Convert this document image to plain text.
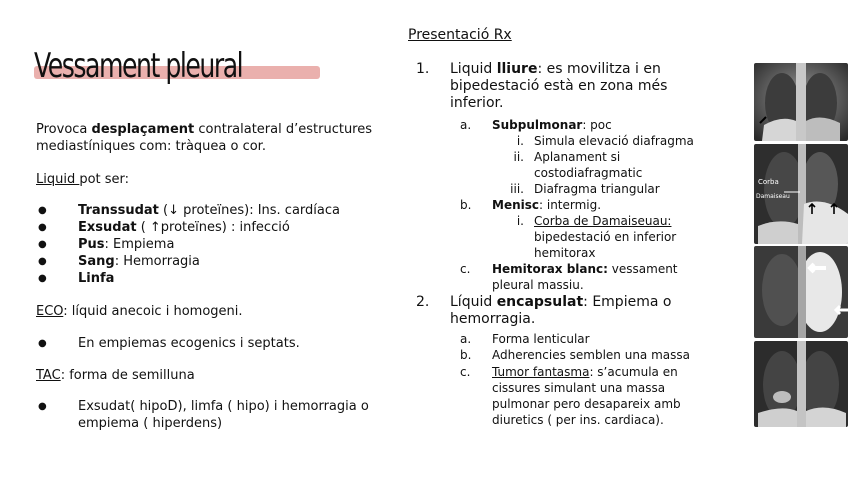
Vessament pleural

Provoca desplaçament contralateral d’estructures mediastíniques com: tràquea o cor.

Liquid pot ser:

● Transsudat (↓ proteïnes): Ins. cardíaca
● Exsudat ( ↑proteïnes) : infecció
● Pus: Empiema
● Sang: Hemorragia
● Linfa

ECO: líquid anecoic i homogeni.

● En empiemas ecogenics i septats.

TAC: forma de semilluna

● Exsudat( hipoD), limfa ( hipo) i hemorragia o empiema ( hiperdens)
Presentació Rx
1. Liquid lliure: es movilitza i en bipedestació està en zona més inferior.
a. Subpulmonar: poc
i. Simula elevació diafragma
ii. Aplanament si costodiafragmatic
iii. Diafragma triangular
b. Menisc: intermig.
i. Corba de Damaiseuau: bipedestació en inferior hemitorax
c. Hemitorax blanc: vessament pleural massiu.
2. Líquid encapsulat: Empiema o hemorragia.
a. Forma lenticular
b. Adherencies semblen una massa
c. Tumor fantasma: s’acumula en cissures simulant una massa pulmonar pero desapareix amb diuretics ( per ins. cardiaca).
Corba
Damaiseau
